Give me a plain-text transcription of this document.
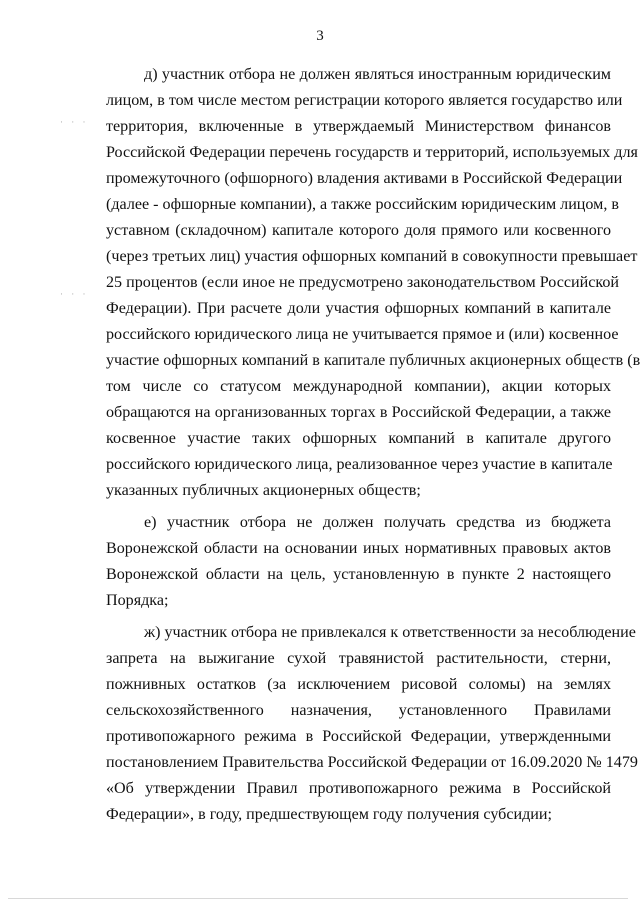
3
· · ·
· · ·
д) участник отбора не должен являться иностранным юридическим
лицом, в том числе местом регистрации которого является государство или
территория, включенные в утверждаемый Министерством финансов
Российской Федерации перечень государств и территорий, используемых для
промежуточного (офшорного) владения активами в Российской Федерации
(далее - офшорные компании), а также российским юридическим лицом, в
уставном (складочном) капитале которого доля прямого или косвенного
(через третьих лиц) участия офшорных компаний в совокупности превышает
25 процентов (если иное не предусмотрено законодательством Российской
Федерации). При расчете доли участия офшорных компаний в капитале
российского юридического лица не учитывается прямое и (или) косвенное
участие офшорных компаний в капитале публичных акционерных обществ (в
том числе со статусом международной компании), акции которых
обращаются на организованных торгах в Российской Федерации, а также
косвенное участие таких офшорных компаний в капитале другого
российского юридического лица, реализованное через участие в капитале
указанных публичных акционерных обществ;
е) участник отбора не должен получать средства из бюджета
Воронежской области на основании иных нормативных правовых актов
Воронежской области на цель, установленную в пункте 2 настоящего
Порядка;
ж) участник отбора не привлекался к ответственности за несоблюдение
запрета на выжигание сухой травянистой растительности, стерни,
пожнивных остатков (за исключением рисовой соломы) на землях
сельскохозяйственного назначения, установленного Правилами
противопожарного режима в Российской Федерации, утвержденными
постановлением Правительства Российской Федерации от 16.09.2020 № 1479
«Об утверждении Правил противопожарного режима в Российской
Федерации», в году, предшествующем году получения субсидии;
